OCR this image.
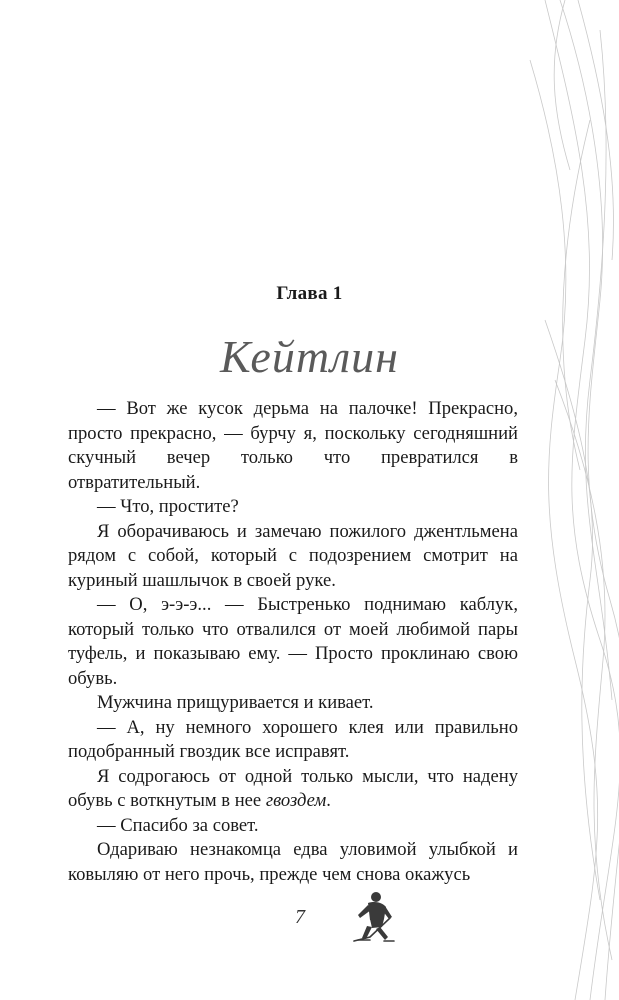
Глава 1
Кейтлин

— Вот же кусок дерьма на палочке! Прекрасно, просто прекрасно, — бурчу я, поскольку сегодняшний скучный вечер только что превратился в отвратительный.

— Что, простите?

Я оборачиваюсь и замечаю пожилого джентльмена рядом с собой, который с подозрением смотрит на куриный шашлычок в своей руке.

— О, э-э-э... — Быстренько поднимаю каблук, который только что отвалился от моей любимой пары туфель, и показываю ему. — Просто проклинаю свою обувь.

Мужчина прищуривается и кивает.

— А, ну немного хорошего клея или правильно подобранный гвоздик все исправят.

Я содрогаюсь от одной только мысли, что надену обувь с воткнутым в нее гвоздем.

— Спасибо за совет.

Одариваю незнакомца едва уловимой улыбкой и ковыляю от него прочь, прежде чем снова окажусь

7
